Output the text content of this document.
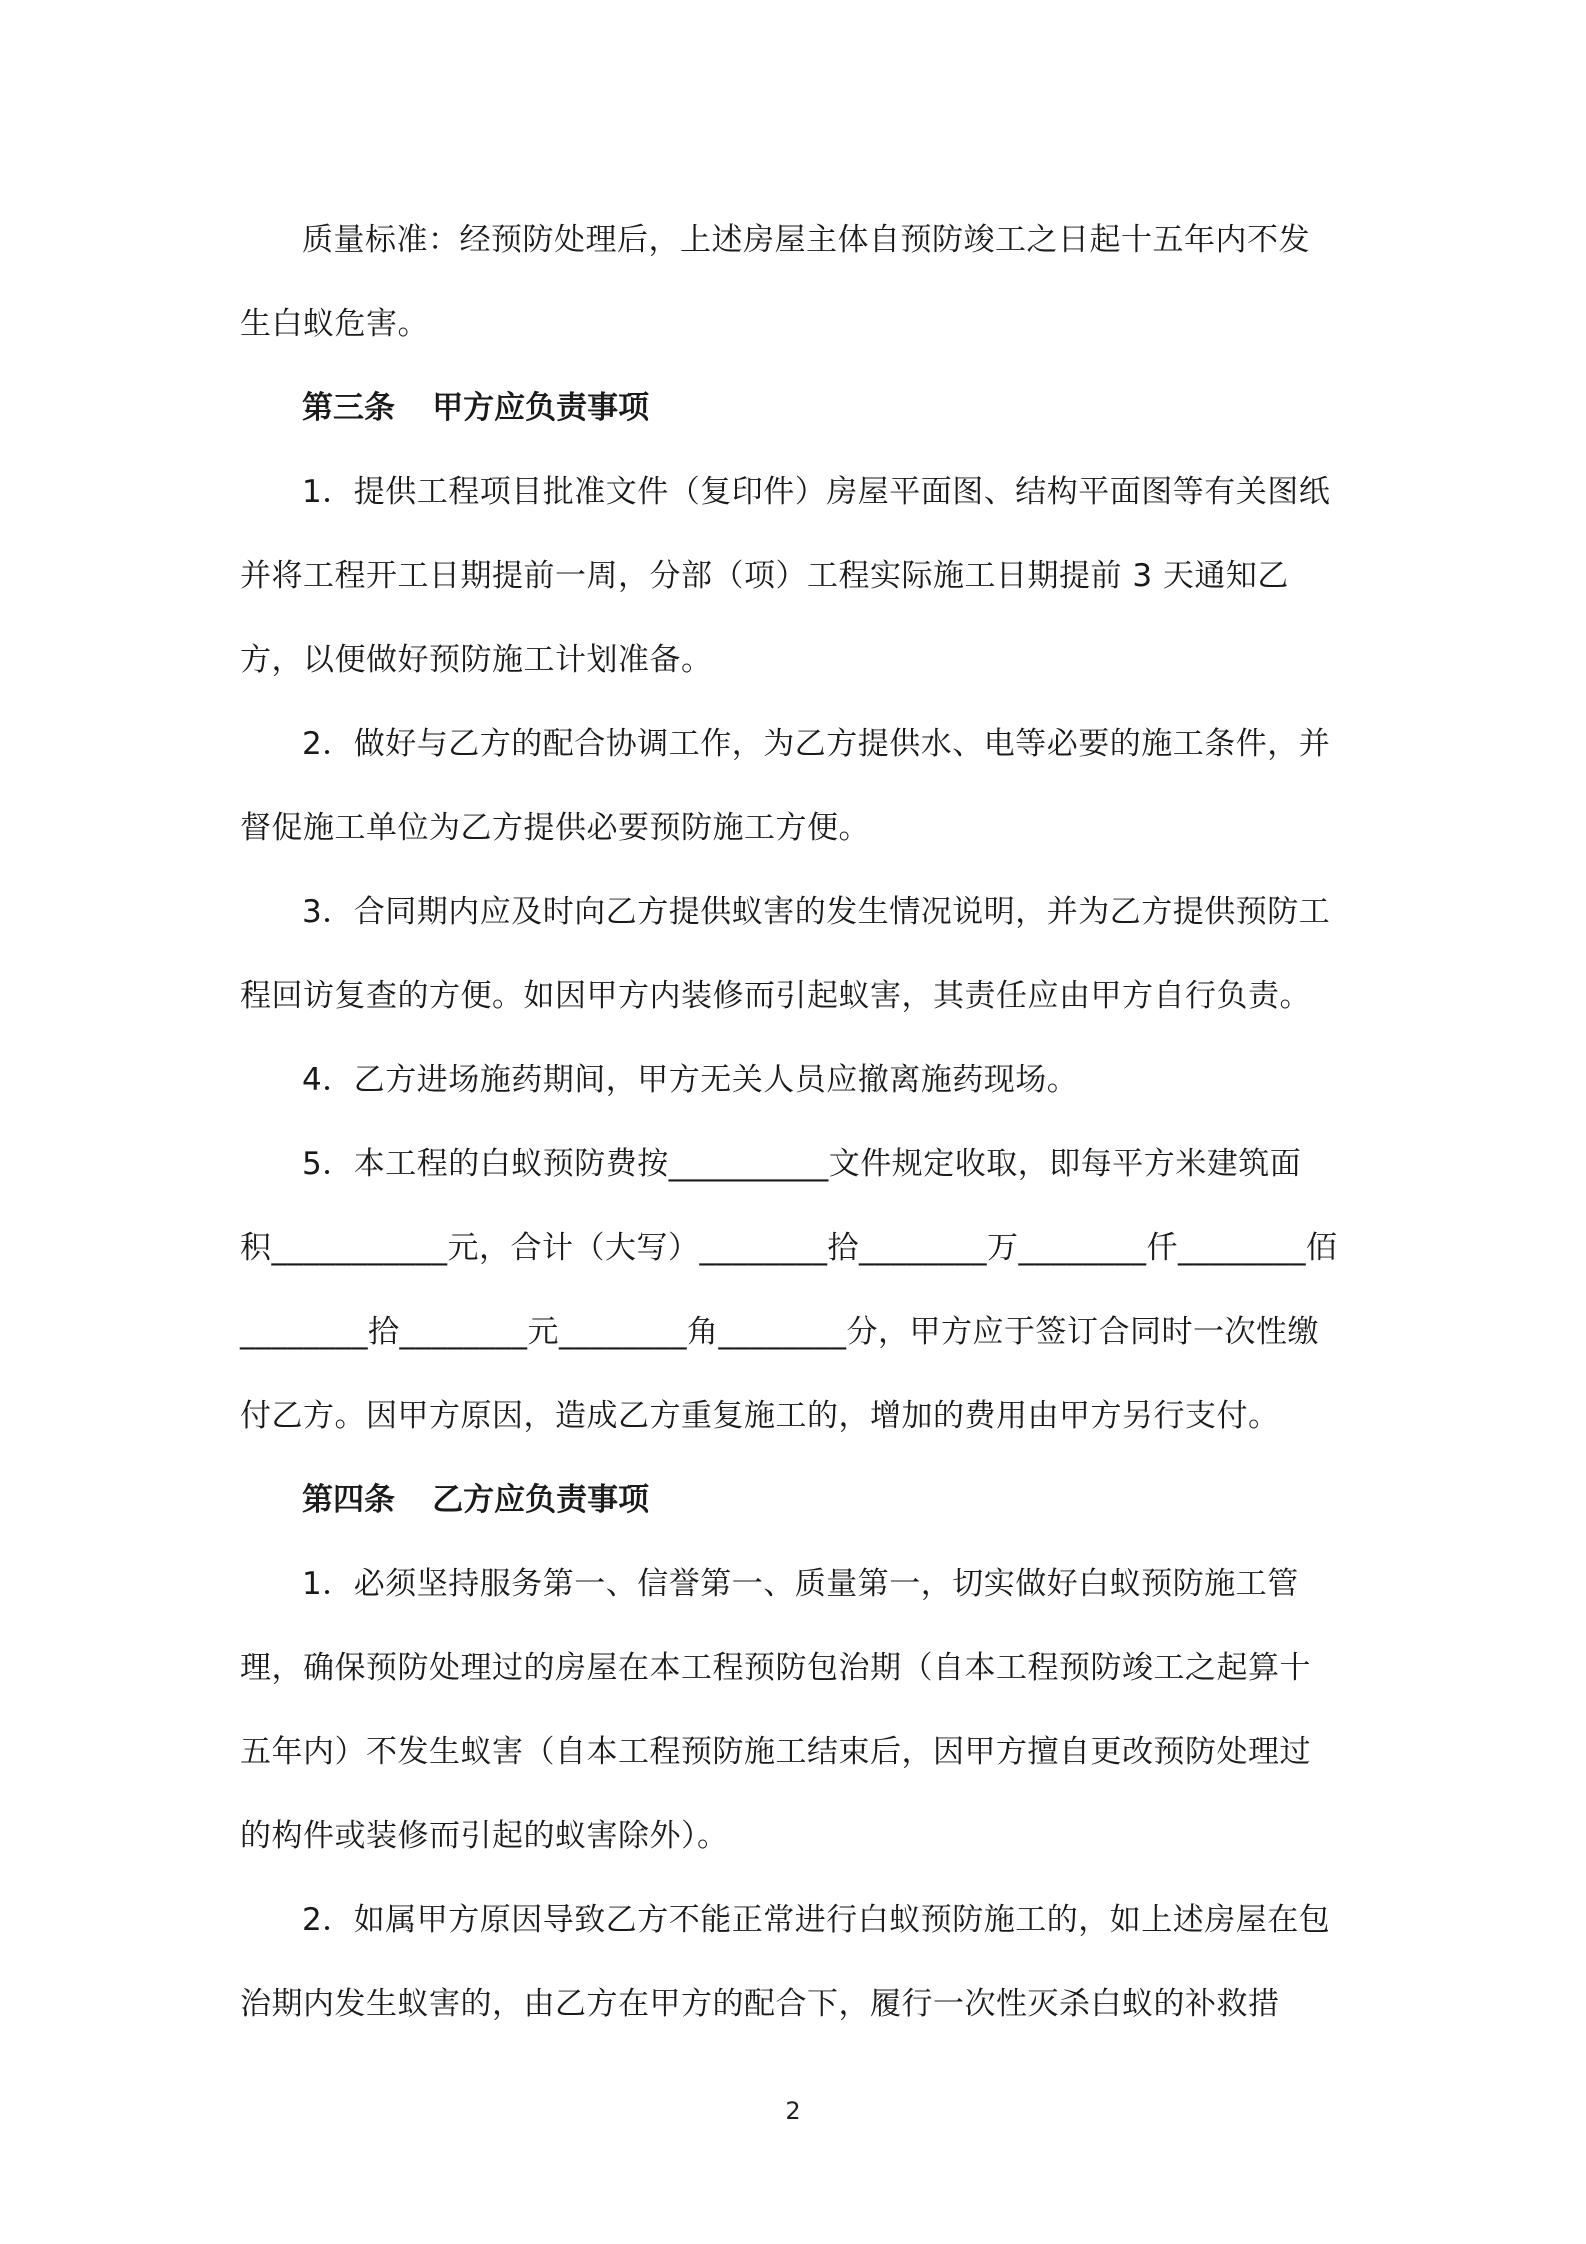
质量标准：经预防处理后，上述房屋主体自预防竣工之日起十五年内不发
生白蚁危害。

第三条 甲方应负责事项

1．提供工程项目批准文件（复印件）房屋平面图、结构平面图等有关图纸
并将工程开工日期提前一周，分部（项）工程实际施工日期提前 3 天通知乙
方，以便做好预防施工计划准备。

2．做好与乙方的配合协调工作，为乙方提供水、电等必要的施工条件，并
督促施工单位为乙方提供必要预防施工方便。

3．合同期内应及时向乙方提供蚁害的发生情况说明，并为乙方提供预防工
程回访复查的方便。如因甲方内装修而引起蚁害，其责任应由甲方自行负责。

4．乙方进场施药期间，甲方无关人员应撤离施药现场。

5．本工程的白蚁预防费按__________文件规定收取，即每平方米建筑面
积___________元，合计（大写）________拾________万________仟________佰
________拾________元________角________分，甲方应于签订合同时一次性缴
付乙方。因甲方原因，造成乙方重复施工的，增加的费用由甲方另行支付。

第四条 乙方应负责事项

1．必须坚持服务第一、信誉第一、质量第一，切实做好白蚁预防施工管
理，确保预防处理过的房屋在本工程预防包治期（自本工程预防竣工之起算十
五年内）不发生蚁害（自本工程预防施工结束后，因甲方擅自更改预防处理过
的构件或装修而引起的蚁害除外）。

2．如属甲方原因导致乙方不能正常进行白蚁预防施工的，如上述房屋在包
治期内发生蚁害的，由乙方在甲方的配合下，履行一次性灭杀白蚁的补救措

2
